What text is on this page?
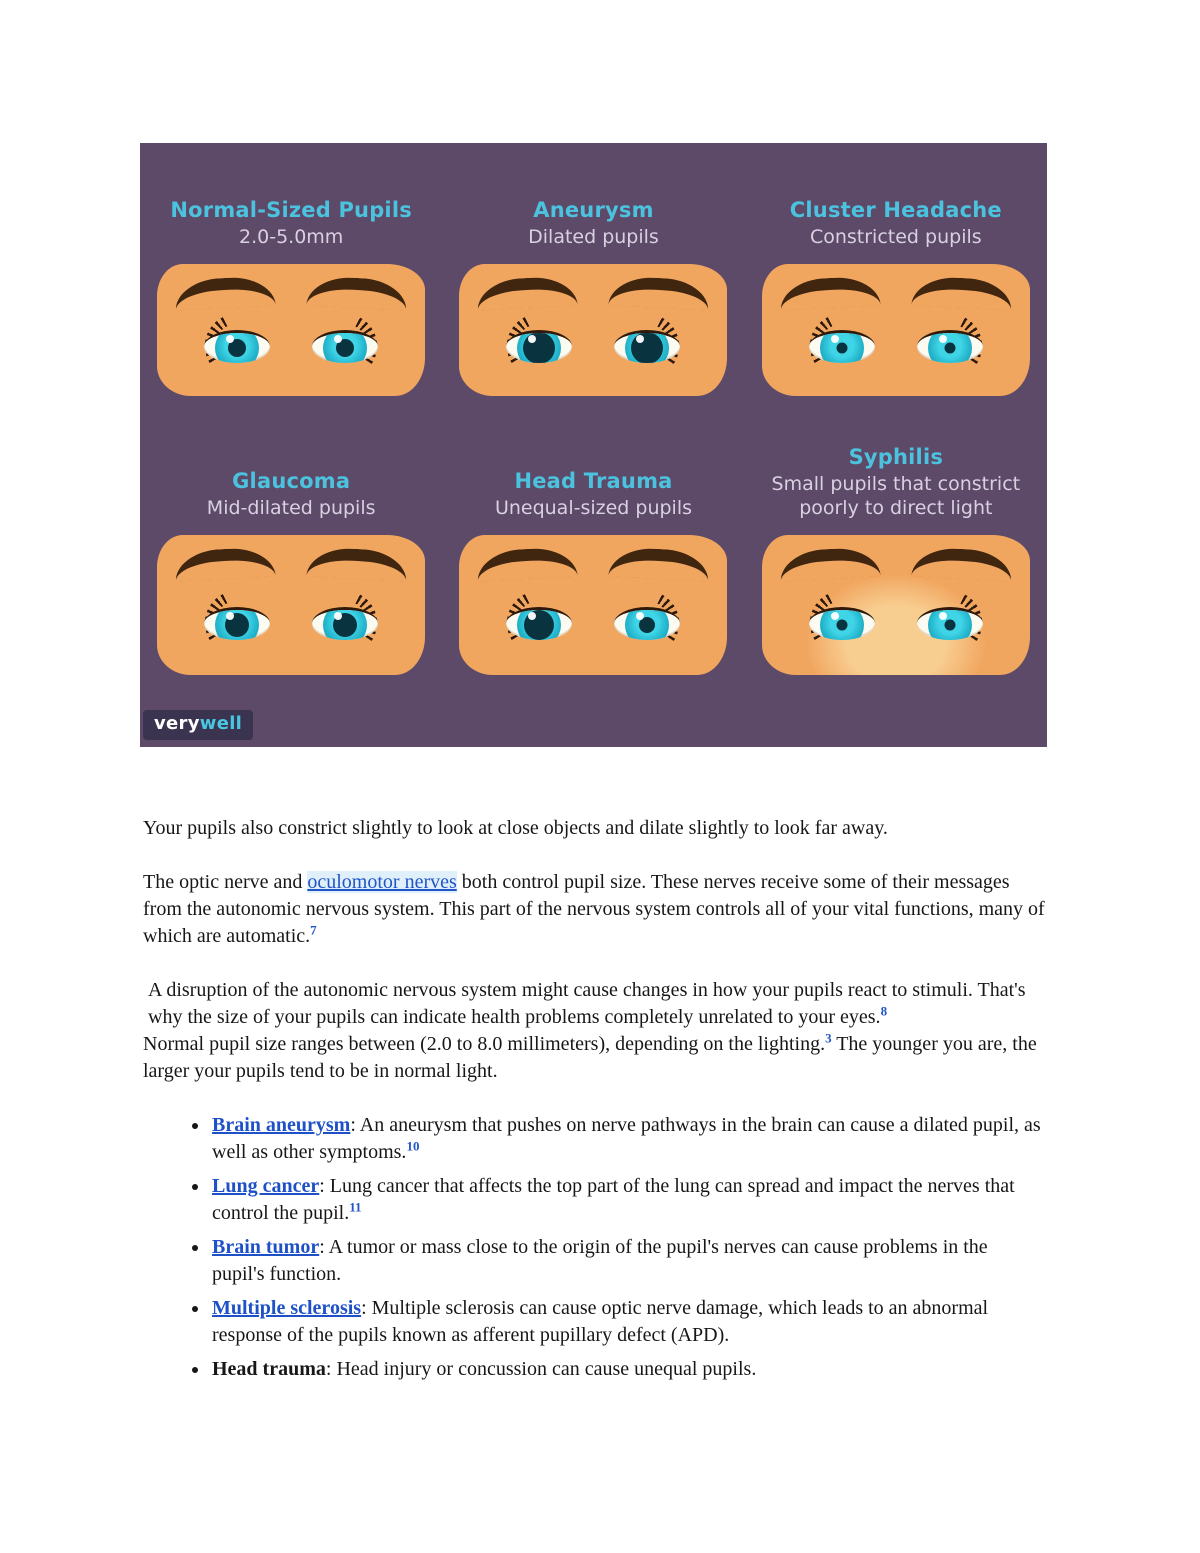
Normal-Sized Pupils
2.0-5.0mm
Aneurysm
Dilated pupils
Cluster Headache
Constricted pupils
Glaucoma
Mid-dilated pupils
Head Trauma
Unequal-sized pupils
Syphilis
Small pupils that constrict poorly to direct light
verywell

Your pupils also constrict slightly to look at close objects and dilate slightly to look far away.

The optic nerve and oculomotor nerves both control pupil size. These nerves receive some of their messages from the autonomic nervous system. This part of the nervous system controls all of your vital functions, many of which are automatic.$^7$

A disruption of the autonomic nervous system might cause changes in how your pupils react to stimuli. That's why the size of your pupils can indicate health problems completely unrelated to your eyes.$^8$

Normal pupil size ranges between (2.0 to 8.0 millimeters), depending on the lighting.$^3$ The younger you are, the larger your pupils tend to be in normal light.

• Brain aneurysm: An aneurysm that pushes on nerve pathways in the brain can cause a dilated pupil, as well as other symptoms.$^{10}$
• Lung cancer: Lung cancer that affects the top part of the lung can spread and impact the nerves that control the pupil.$^{11}$
• Brain tumor: A tumor or mass close to the origin of the pupil's nerves can cause problems in the pupil's function.
• Multiple sclerosis: Multiple sclerosis can cause optic nerve damage, which leads to an abnormal response of the pupils known as afferent pupillary defect (APD).
• Head trauma: Head injury or concussion can cause unequal pupils.
